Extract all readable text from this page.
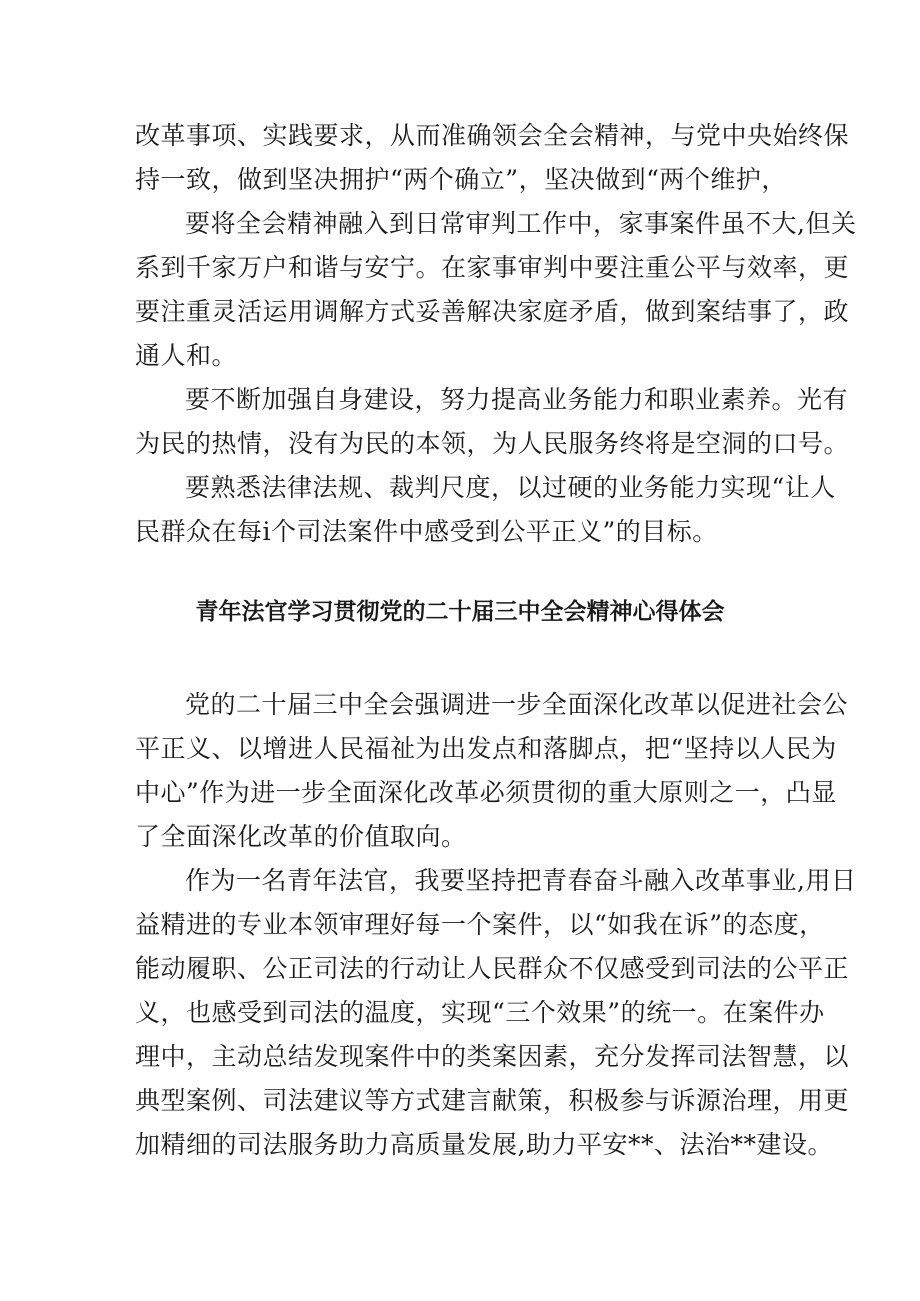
改革事项、实践要求，从而准确领会全会精神，与党中央始终保
持一致，做到坚决拥护“两个确立”，坚决做到“两个维护，
要将全会精神融入到日常审判工作中，家事案件虽不大,但关
系到千家万户和谐与安宁。在家事审判中要注重公平与效率，更
要注重灵活运用调解方式妥善解决家庭矛盾，做到案结事了，政
通人和。
要不断加强自身建设，努力提高业务能力和职业素养。光有
为民的热情，没有为民的本领，为人民服务终将是空洞的口号。
要熟悉法律法规、裁判尺度，以过硬的业务能力实现“让人
民群众在每i个司法案件中感受到公平正义”的目标。
青年法官学习贯彻党的二十届三中全会精神心得体会
党的二十届三中全会强调进一步全面深化改革以促进社会公
平正义、以增进人民福祉为出发点和落脚点，把“坚持以人民为
中心”作为进一步全面深化改革必须贯彻的重大原则之一，凸显
了全面深化改革的价值取向。
作为一名青年法官，我要坚持把青春奋斗融入改革事业,用日
益精进的专业本领审理好每一个案件，以“如我在诉”的态度，
能动履职、公正司法的行动让人民群众不仅感受到司法的公平正
义，也感受到司法的温度，实现“三个效果”的统一。在案件办
理中，主动总结发现案件中的类案因素，充分发挥司法智慧，以
典型案例、司法建议等方式建言献策，积极参与诉源治理，用更
加精细的司法服务助力高质量发展,助力平安**、法治**建设。
